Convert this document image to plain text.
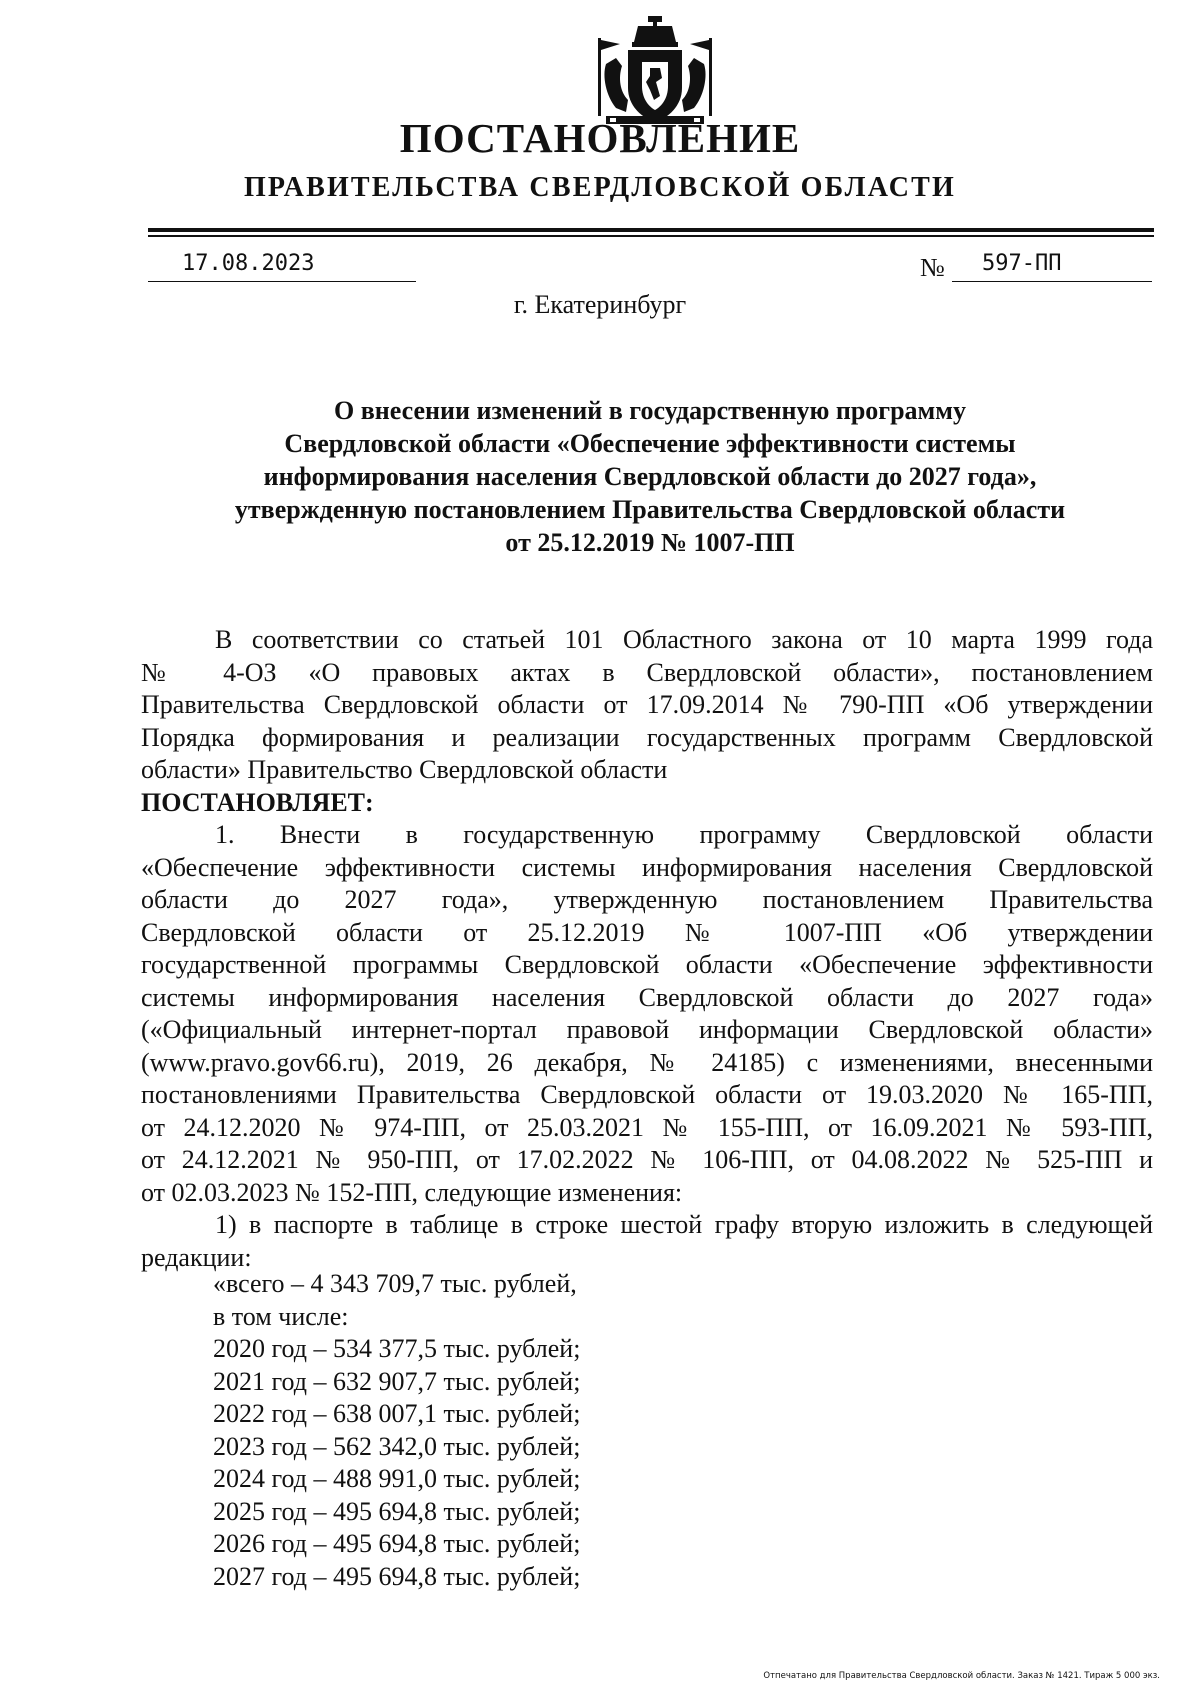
ПОСТАНОВЛЕНИЕ
ПРАВИТЕЛЬСТВА СВЕРДЛОВСКОЙ ОБЛАСТИ
17.08.2023	№	597-ПП
г. Екатеринбург
О внесении изменений в государственную программу
Свердловской области «Обеспечение эффективности системы
информирования населения Свердловской области до 2027 года»,
утвержденную постановлением Правительства Свердловской области
от 25.12.2019 № 1007-ПП
В соответствии со статьей 101 Областного закона от 10 марта 1999 года
№ 4-ОЗ «О правовых актах в Свердловской области», постановлением
Правительства Свердловской области от 17.09.2014 № 790-ПП «Об утверждении
Порядка формирования и реализации государственных программ Свердловской
области» Правительство Свердловской области
ПОСТАНОВЛЯЕТ:
1. Внести в государственную программу Свердловской области
«Обеспечение эффективности системы информирования населения Свердловской
области до 2027 года», утвержденную постановлением Правительства
Свердловской области от 25.12.2019 № 1007-ПП «Об утверждении
государственной программы Свердловской области «Обеспечение эффективности
системы информирования населения Свердловской области до 2027 года»
(«Официальный интернет-портал правовой информации Свердловской области»
(www.pravo.gov66.ru), 2019, 26 декабря, № 24185) с изменениями, внесенными
постановлениями Правительства Свердловской области от 19.03.2020 № 165-ПП,
от 24.12.2020 № 974-ПП, от 25.03.2021 № 155-ПП, от 16.09.2021 № 593-ПП,
от 24.12.2021 № 950-ПП, от 17.02.2022 № 106-ПП, от 04.08.2022 № 525-ПП и
от 02.03.2023 № 152-ПП, следующие изменения:
1) в паспорте в таблице в строке шестой графу вторую изложить в следующей
редакции:
«всего – 4 343 709,7 тыс. рублей,
в том числе:
2020 год – 534 377,5 тыс. рублей;
2021 год – 632 907,7 тыс. рублей;
2022 год – 638 007,1 тыс. рублей;
2023 год – 562 342,0 тыс. рублей;
2024 год – 488 991,0 тыс. рублей;
2025 год – 495 694,8 тыс. рублей;
2026 год – 495 694,8 тыс. рублей;
2027 год – 495 694,8 тыс. рублей;
Отпечатано для Правительства Свердловской области. Заказ № 1421. Тираж 5 000 экз.
